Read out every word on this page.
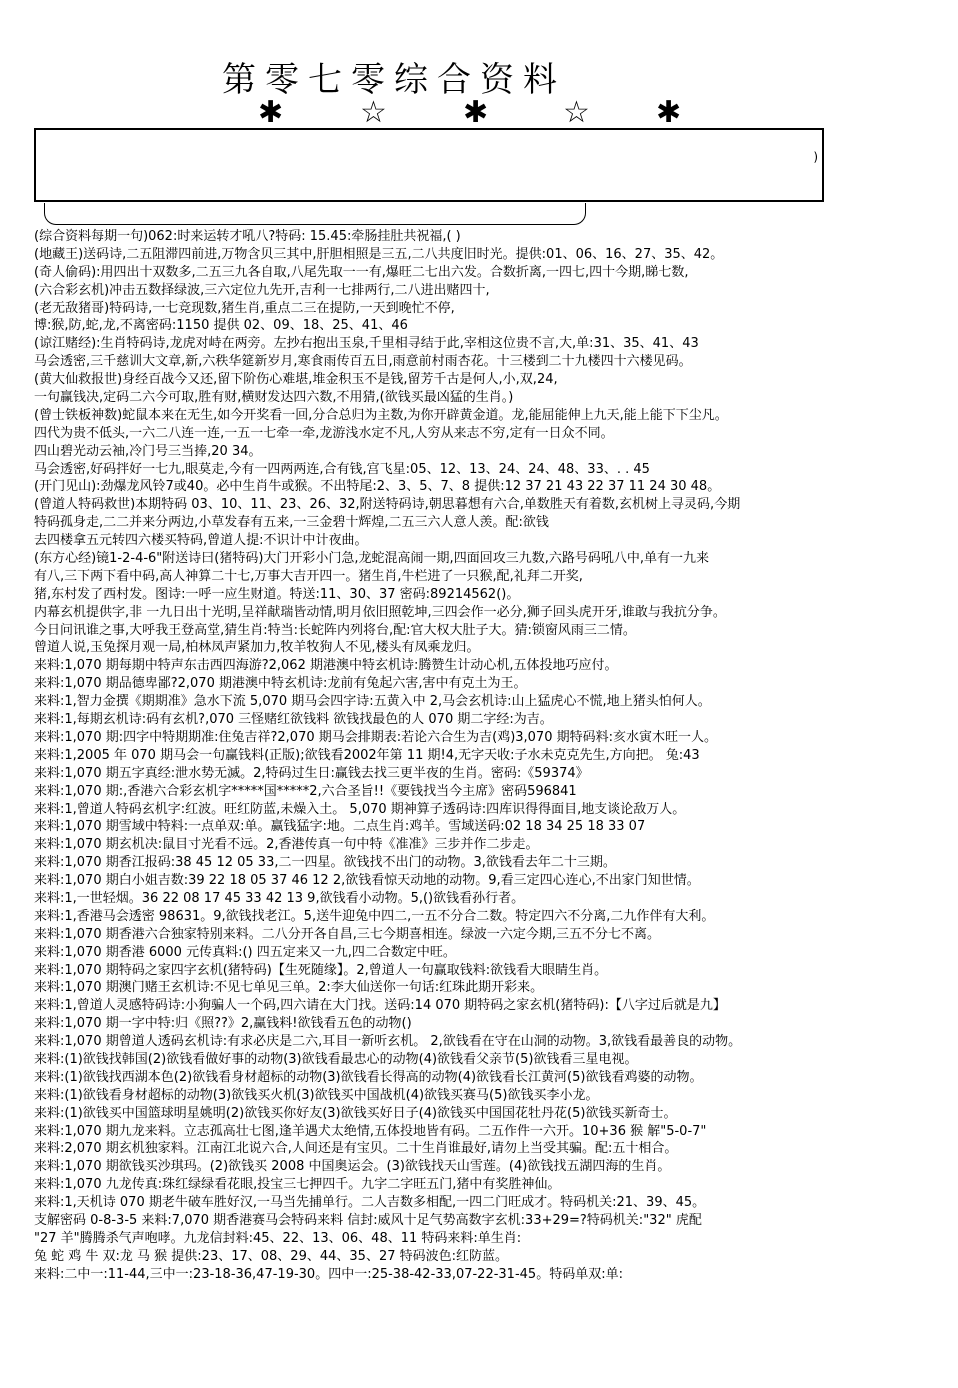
第零七零综合资料
✱	☆	✱ ☆ ✱
)
(综合资料每期一句)062:时来运转才吼八?特码: 15.45:牵肠挂肚共祝福,( )
(地藏王)送码诗,二五阻滞四前进,万物含贝三其中,肝胆相照是三五,二八共度旧时光。提供:01、06、16、27、35、42。
(奇人偷码):用四出十双数多,二五三九各自取,八尾先取一一有,爆旺二七出六发。合数折离,一四七,四十今期,睇七数,
(六合彩玄机)冲击五数择绿波,三六定位九先开,吉利一七排两行,二八进出赌四十,
(老无敌猪哥)特码诗,一七竞现数,猪生肖,重点二三在提防,一天到晚忙不停,
博:猴,防,蛇,龙,不离密码:1150 提供 02、09、18、25、41、46
(谅江赌经):生肖特码诗,龙虎对峙在两旁。左抄右抱出玉泉,千里相寻结于此,宰相这位贵不言,大,单:31、35、41、43
马会透密,三千慈训大文章,新,六秩华筵新岁月,寒食雨传百五日,雨意前村雨杏花。十三楼到二十九楼四十六楼见码。
(黄大仙救报世)身经百战今又还,留下阶伤心难堪,堆金积玉不是钱,留芳千古是何人,小,双,24,
一句赢钱决,定码二六今可取,胜有财,横财发达四六数,不用猜,(欲钱买最凶猛的生肖。)
(曾士铁板神数)蛇鼠本来在无生,如今开奖看一回,分合总归为主数,为你开辟黄金道。龙,能屈能伸上九天,能上能下下尘凡。
四代为贵不低头,一六二八连一连,一五一七牵一牵,龙游浅水定不凡,人穷从来志不穷,定有一日众不同。
四山碧光动云袖,冷门号三当捧,20 34。
马会透密,好码拌好一七九,眼莫走,今有一四两两连,合有钱,宫飞星:05、12、13、24、24、48、33、. . 45
(开门见山):劲爆龙风铃7或40。必中生肖牛或猴。不出特尾:2、3、5、7、8 提供:12 37 21 43 22 37 11 24 30 48。
(曾道人特码救世)本期特码 03、10、11、23、26、32,附送特码诗,朝思暮想有六合,单数胜天有着数,玄机树上寻灵码,今期
特码孤身走,二二并来分两边,小草发春有五来,一三金碧十辉煌,二五三六人意人羡。配:欲钱
去四楼拿五元转四六楼买特码,曾道人提:不识计中计夜曲。
(东方心经)镜1-2-4-6"附送诗曰(猪特码)大门开彩小门急,龙蛇混高闹一期,四面回攻三九数,六路号码吼八中,单有一九来
有八,三下两下看中码,高人神算二十七,万事大吉开四一。猪生肖,牛栏进了一只猴,配,礼拜二开奖,
猪,东村发了西村发。图诗:一呼一应生财道。特送:11、30、37 密码:89214562()。
内幕玄机提供字,非 一九日出十光明,呈祥献瑞皆动情,明月依旧照乾坤,三四会作一必分,狮子回头虎开牙,谁敢与我抗分争。
今日问讯谁之事,大呼我王登高堂,猜生肖:特当:长蛇阵内列将台,配:官大权大肚子大。猜:锁窗风雨三二情。
曾道人说,玉兔探月观一局,柏林凤声紧加力,牧羊牧狗人不见,楼头有凤乘龙归。
来料:1,070 期每期中特声东击西四海游?2,062 期港澳中特玄机诗:腾赞生计动心机,五体投地巧应付。
来料:1,070 期品德卑鄙?2,070 期港澳中特玄机诗:龙前有兔起六害,害中有克土为王。
来料:1,智力金撰《期期准》急水下流 5,070 期马会四字诗:五黄入中 2,马会玄机诗:山上猛虎心不慌,地上猪头怕何人。
来料:1,每期玄机诗:码有玄机?,070 三怪赌红欲钱料 欲钱找最色的人 070 期二字经:为吉。
来料:1,070 期:四字中特期期准:住兔吉祥?2,070 期马会排期表:若论六合生为吉(鸡)3,070 期特码料:亥水寅木旺一人。
来料:1,2005 年 070 期马会一句赢钱料(正版);欲钱看2002年第 11 期!4,无字天收:子水未克克先生,方向把。 兔:43
来料:1,070 期五字真经:泄水势无滅。2,特码过生日:赢钱去找三更半夜的生肖。密码:《59374》
来料:1,070 期:,香港六合彩玄机字*****国*****2,六合圣旨!!《要钱找当今主席》密码596841
来料:1,曾道人特码玄机字:红波。旺红防蓝,未燥入土。 5,070 期神算子透码诗:四库识得得面目,地支谈论敌万人。
来料:1,070 期雪域中特料:一点单双:单。赢钱猛字:地。二点生肖:鸡羊。雪域送码:02 18 34 25 18 33 07
来料:1,070 期玄机决:鼠目寸光看不远。2,香港传真一句中特《准准》三步并作二步走。
来料:1,070 期香江报码:38 45 12 05 33,二一四星。欲钱找不出门的动物。3,欲钱看去年二十三期。
来料:1,070 期白小姐吉数:39 22 18 05 37 46 12 2,欲钱看惊天动地的动物。9,看三定四心连心,不出家门知世情。
来料:1,一世轻烟。36 22 08 17 45 33 42 13 9,欲钱看小动物。5,()欲钱看孙行者。
来料:1,香港马会透密 98631。9,欲钱找老江。5,送牛迎兔中四二,一五不分合二数。特定四六不分离,二九作伴有大利。
来料:1,070 期香港六合独家特别来料。二八分开各自昌,三七今期喜相连。绿波一六定今期,三五不分七不离。
来料:1,070 期香港 6000 元传真料:() 四五定来又一九,四二合数定中旺。
来料:1,070 期特码之家四字玄机(猪特码)【生死随缘】。2,曾道人一句赢取钱料:欲钱看大眼睛生肖。
来料:1,070 期澳门赌王玄机诗:不见七单见三单。2:李大仙送你一句话:红珠此期开彩来。
来料:1,曾道人灵感特码诗:小狗骗人一个码,四六请在大门找。送码:14 070 期特码之家玄机(猪特码):【八字过后就是九】
来料:1,070 期一字中特:归《照??》2,赢钱料!欲钱看五色的动物()
来料:1,070 期曾道人透码玄机诗:有求必庆是二六,耳目一新听玄机。 2,欲钱看在守在山洞的动物。3,欲钱看最善良的动物。
来料:(1)欲钱找韩国(2)欲钱看做好事的动物(3)欲钱看最忠心的动物(4)欲钱看父亲节(5)欲钱看三星电视。
来料:(1)欲钱找西湖本色(2)欲钱看身材超标的动物(3)欲钱看长得高的动物(4)欲钱看长江黄河(5)欲钱看鸡婆的动物。
来料:(1)欲钱看身材超标的动物(3)欲钱买火机(3)欲钱买中国战机(4)欲钱买赛马(5)欲钱买李小龙。
来料:(1)欲钱买中国篮球明星姚明(2)欲钱买你好友(3)欲钱买好日子(4)欲钱买中国国花牡丹花(5)欲钱买新奇士。
来料:1,070 期九龙来料。立志孤高壮七图,逢羊遇犬太绝情,五体投地皆有码。二五作件一六开。10+36 猴 解"5-0-7"
来料:2,070 期玄机独家料。江南江北说六合,人间还是有宝贝。二十生肖谁最好,请勿上当受其骗。配:五十相合。
来料:1,070 期欲钱买沙琪玛。(2)欲钱买 2008 中国奥运会。(3)欲钱找天山雪莲。(4)欲钱找五湖四海的生肖。
来料:1,070 九龙传真:珠红绿绿看花眼,投宝三七押四千。九字二字旺五门,猪中有奖胜神仙。
来料:1,天机诗 070 期老牛破车胜好汉,一马当先捕单行。二人吉数多相配,一四二门旺成才。特码机关:21、39、45。
支解密码 0-8-3-5 来料:7,070 期香港赛马会特码来料 信封:威风十足气势高数字玄机:33+29=?特码机关:"32" 虎配
"27 羊"腾腾杀气声咆哮。九龙信封料:45、22、13、06、48、11 特码来料:单生肖:
兔 蛇 鸡 牛 双:龙 马 猴 提供:23、17、08、29、44、35、27 特码波色:红防蓝。
来料:二中一:11-44,三中一:23-18-36,47-19-30。四中一:25-38-42-33,07-22-31-45。特码单双:单:
